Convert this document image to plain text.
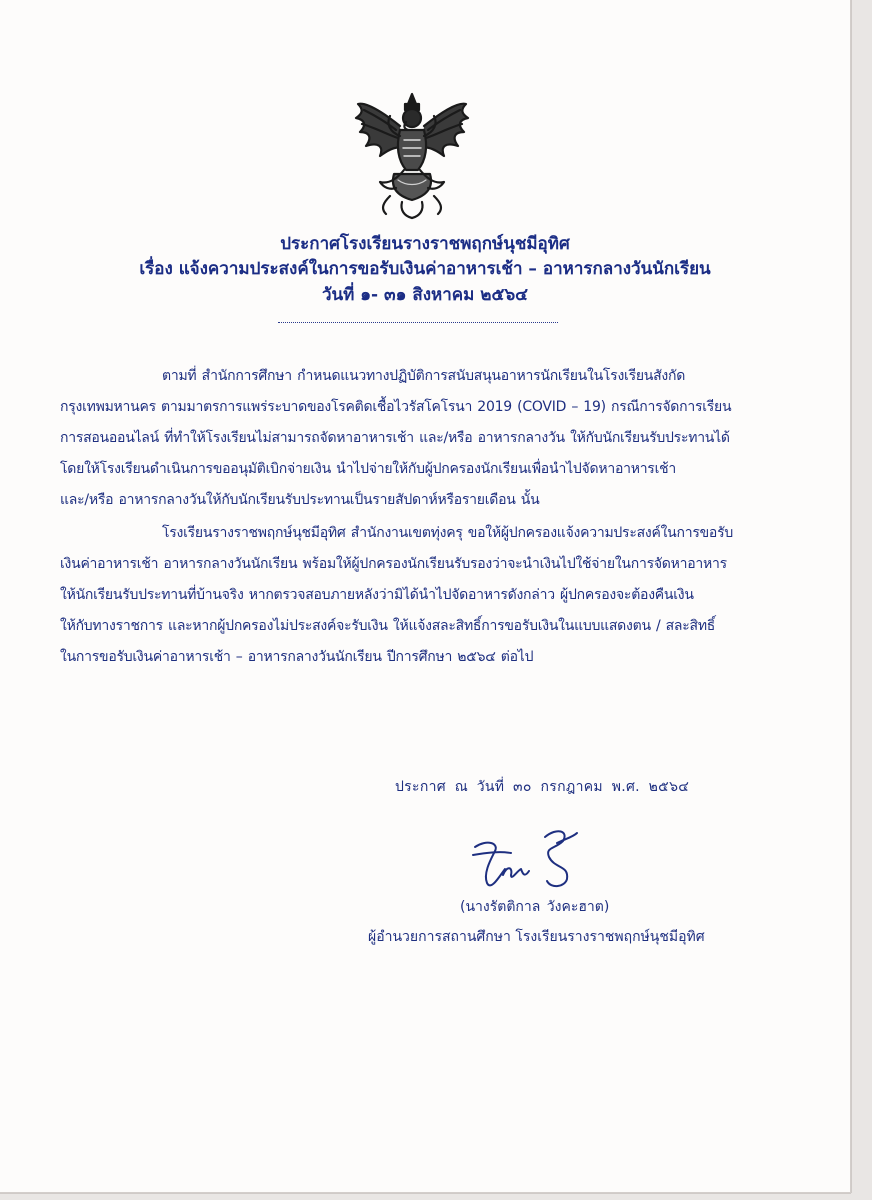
ประกาศโรงเรียนรางราชพฤกษ์นุชมีอุทิศ
เรื่อง แจ้งความประสงค์ในการขอรับเงินค่าอาหารเช้า – อาหารกลางวันนักเรียน
วันที่ ๑- ๓๑ สิงหาคม ๒๕๖๔
ตามที่ สำนักการศึกษา กำหนดแนวทางปฏิบัติการสนับสนุนอาหารนักเรียนในโรงเรียนสังกัด
กรุงเทพมหานคร ตามมาตรการแพร่ระบาดของโรคติดเชื้อไวรัสโคโรนา 2019 (COVID – 19) กรณีการจัดการเรียน
การสอนออนไลน์ ที่ทำให้โรงเรียนไม่สามารถจัดหาอาหารเช้า และ/หรือ อาหารกลางวัน ให้กับนักเรียนรับประทานได้
โดยให้โรงเรียนดำเนินการขออนุมัติเบิกจ่ายเงิน นำไปจ่ายให้กับผู้ปกครองนักเรียนเพื่อนำไปจัดหาอาหารเช้า
และ/หรือ อาหารกลางวันให้กับนักเรียนรับประทานเป็นรายสัปดาห์หรือรายเดือน นั้น
โรงเรียนรางราชพฤกษ์นุชมีอุทิศ สำนักงานเขตทุ่งครุ ขอให้ผู้ปกครองแจ้งความประสงค์ในการขอรับ
เงินค่าอาหารเช้า อาหารกลางวันนักเรียน พร้อมให้ผู้ปกครองนักเรียนรับรองว่าจะนำเงินไปใช้จ่ายในการจัดหาอาหาร
ให้นักเรียนรับประทานที่บ้านจริง หากตรวจสอบภายหลังว่ามิได้นำไปจัดอาหารดังกล่าว ผู้ปกครองจะต้องคืนเงิน
ให้กับทางราชการ และหากผู้ปกครองไม่ประสงค์จะรับเงิน ให้แจ้งสละสิทธิ์การขอรับเงินในแบบแสดงตน / สละสิทธิ์
ในการขอรับเงินค่าอาหารเช้า – อาหารกลางวันนักเรียน ปีการศึกษา ๒๕๖๔ ต่อไป
ประกาศ ณ วันที่ ๓๐ กรกฎาคม พ.ศ. ๒๕๖๔
(นางรัตติกาล วังคะฮาต)
ผู้อำนวยการสถานศึกษา โรงเรียนรางราชพฤกษ์นุชมีอุทิศ
